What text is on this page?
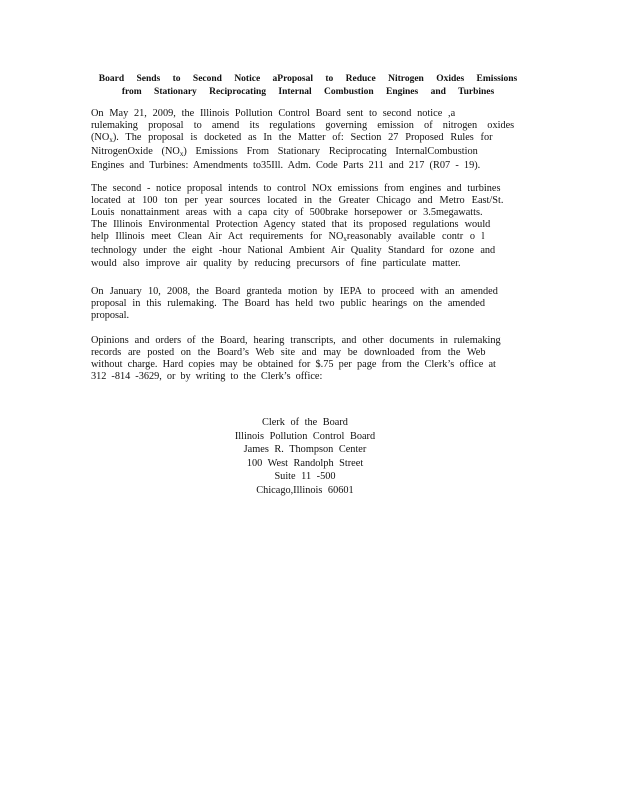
Board Sends to Second Notice aProposal to Reduce Nitrogen Oxides Emissions
from Stationary Reciprocating Internal Combustion Engines and Turbines
On May 21, 2009, the Illinois Pollution Control Board sent to second notice ,a
rulemaking proposal to amend its regulations governing emission of nitrogen oxides
$(NO_x)$. The proposal is docketed as In the Matter of: Section 27 Proposed Rules for
NitrogenOxide $(NO_x)$ Emissions From Stationary Reciprocating InternalCombustion
Engines and Turbines: Amendments to35Ill. Adm. Code Parts 211 and 217 (R07 - 19).
The second - notice proposal intends to control NOx emissions from engines and turbines
located at 100 ton per year sources located in the Greater Chicago and Metro East/St.
Louis nonattainment areas with a capa city of 500brake horsepower or 3.5megawatts.
The Illinois Environmental Protection Agency stated that its proposed regulations would
help Illinois meet Clean Air Act requirements for $NO_xreasonably$ available contr o l
technology under the eight -hour National Ambient Air Quality Standard for ozone and
would also improve air quality by reducing precursors of fine particulate matter.
On January 10, 2008, the Board granteda motion by IEPA to proceed with an amended
proposal in this rulemaking. The Board has held two public hearings on the amended
proposal.
Opinions and orders of the Board, hearing transcripts, and other documents in rulemaking
records are posted on the Board’s Web site and may be downloaded from the Web
without charge. Hard copies may be obtained for $.75 per page from the Clerk’s office at
312 -814 -3629, or by writing to the Clerk’s office:
Clerk of the Board
Illinois Pollution Control Board
James R. Thompson Center
100 West Randolph Street
Suite 11 -500
Chicago,Illinois 60601
